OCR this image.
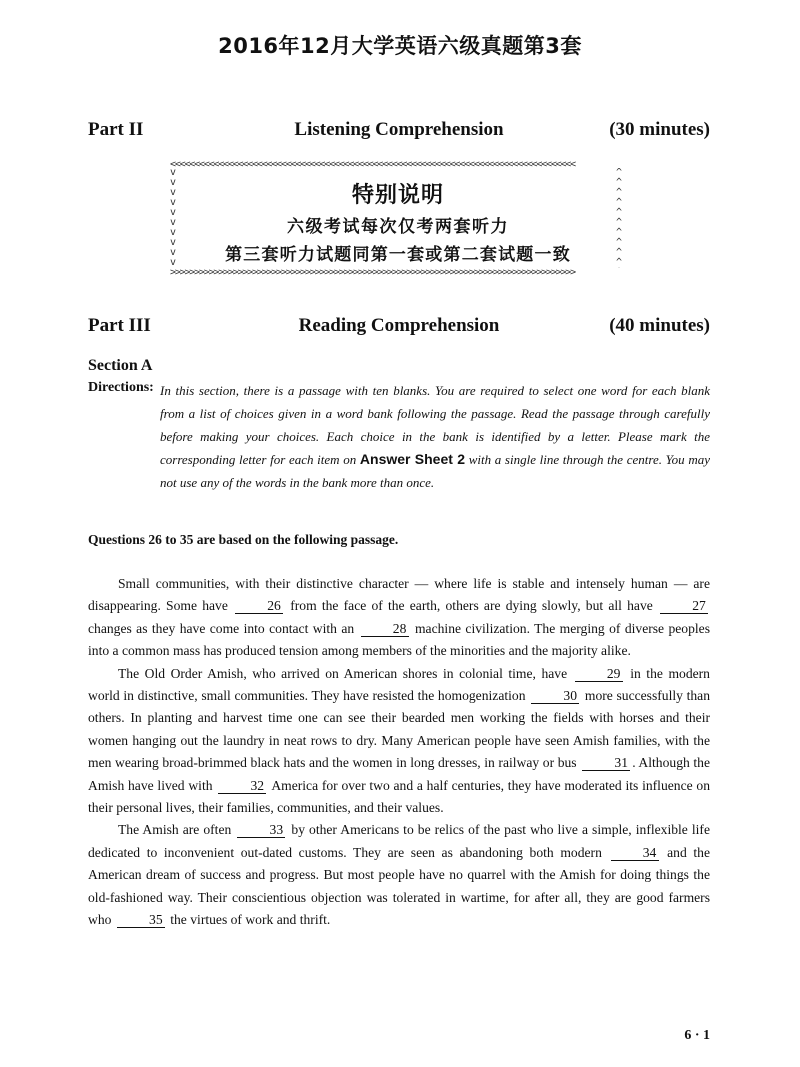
2016年12月大学英语六级真题第3套
Part II	Listening Comprehension	(30 minutes)
<<<<<<<<<<<<<<<<<<<<<<<<<<<<<<<<<<<<<<<<<<<<<<<<<<<<<<<<<<<<<<<<<<<<<<<<<<<<<<<<<<<<
vvvvvvvvvv
^^^^^^^^^^
>>>>>>>>>>>>>>>>>>>>>>>>>>>>>>>>>>>>>>>>>>>>>>>>>>>>>>>>>>>>>>>>>>>>>>>>>>>>>>>>>>>>
特别说明
六级考试每次仅考两套听力
第三套听力试题同第一套或第二套试题一致
Part III	Reading Comprehension	(40 minutes)
Section A
Directions: In this section, there is a passage with ten blanks. You are required to select one word for each blank from a list of choices given in a word bank following the passage. Read the passage through carefully before making your choices. Each choice in the bank is identified by a letter. Please mark the corresponding letter for each item on Answer Sheet 2 with a single line through the centre. You may not use any of the words in the bank more than once.
Questions 26 to 35 are based on the following passage.

Small communities, with their distinctive character — where life is stable and intensely human — are disappearing. Some have	26 from the face of the earth, others are dying slowly, but all have	27 changes as they have come into contact with an	28 machine civilization. The merging of diverse peoples into a common mass has produced tension among members of the minorities and the majority alike.

The Old Order Amish, who arrived on American shores in colonial time, have	29 in the modern world in distinctive, small communities. They have resisted the homogenization	30 more successfully than others. In planting and harvest time one can see their bearded men working the fields with horses and their women hanging out the laundry in neat rows to dry. Many American people have seen Amish families, with the men wearing broad-brimmed black hats and the women in long dresses, in railway or bus	31 . Although the Amish have lived with	32 America for over two and a half centuries, they have moderated its influence on their personal lives, their families, communities, and their values.

The Amish are often	33 by other Americans to be relics of the past who live a simple, inflexible life dedicated to inconvenient out-dated customs. They are seen as abandoning both modern	34 and the American dream of success and progress. But most people have no quarrel with the Amish for doing things the old-fashioned way. Their conscientious objection was tolerated in wartime, for after all, they are good farmers who	35 the virtues of work and thrift.

6 · 1
